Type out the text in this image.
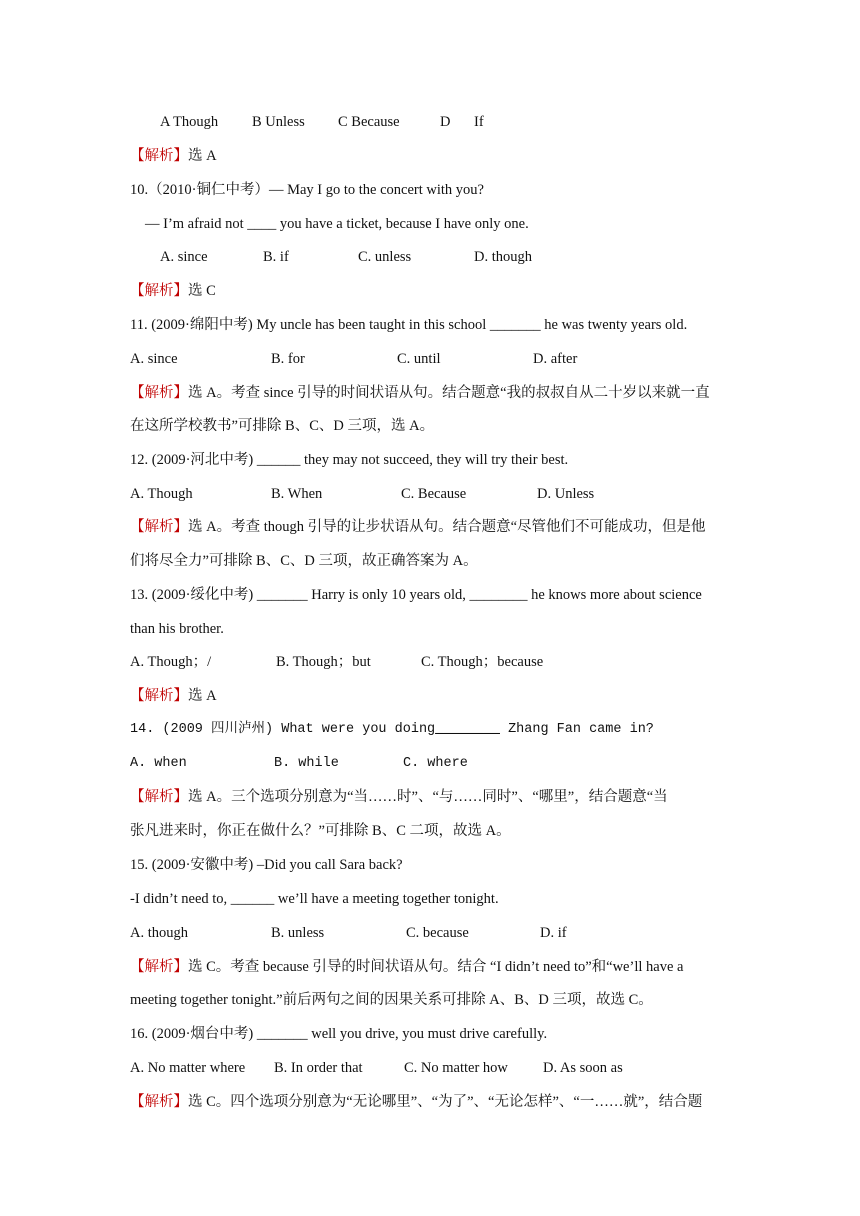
A Though B Unless C Because	D If
【解析】选 A
10.（2010·铜仁中考）— May I go to the concert with you?
— I’m afraid not ____ you have a ticket, because I have only one.
A. since	B. if	C. unless	D. though
【解析】选 C
11. (2009·绵阳中考) My uncle has been taught in this school _______ he was twenty years old.
A. since	B. for	C. until	D. after
【解析】选 A。考查 since 引导的时间状语从句。结合题意“我的叔叔自从二十岁以来就一直
在这所学校教书”可排除 B、C、D 三项，选 A。
12. (2009·河北中考) ______ they may not succeed, they will try their best.
A. Though	B. When	C. Because	D. Unless
【解析】选 A。考查 though 引导的让步状语从句。结合题意“尽管他们不可能成功，但是他
们将尽全力”可排除 B、C、D 三项，故正确答案为 A。
13. (2009·绥化中考) _______ Harry is only 10 years old, ________ he knows more about science
than his brother.
A. Though；/	B. Though；but	C. Though；because
【解析】选 A
14. (2009 四川泸州) What were you doing________ Zhang Fan came in?
A. when	B. while	C. where
【解析】选 A。三个选项分别意为“当……时”、“与……同时”、“哪里”，结合题意“当
张凡进来时，你正在做什么？”可排除 B、C 二项，故选 A。
15. (2009·安徽中考) –Did you call Sara back?
-I didn’t need to, ______ we’ll have a meeting together tonight.
A. though	B. unless	C. because	D. if
【解析】选 C。考查 because 引导的时间状语从句。结合 “I didn’t need to”和“we’ll have a
meeting together tonight.”前后两句之间的因果关系可排除 A、B、D 三项，故选 C。
16. (2009·烟台中考) _______ well you drive, you must drive carefully.
A. No matter where B. In order that	C. No matter how D. As soon as
【解析】选 C。四个选项分别意为“无论哪里”、“为了”、“无论怎样”、“一……就”，结合题
